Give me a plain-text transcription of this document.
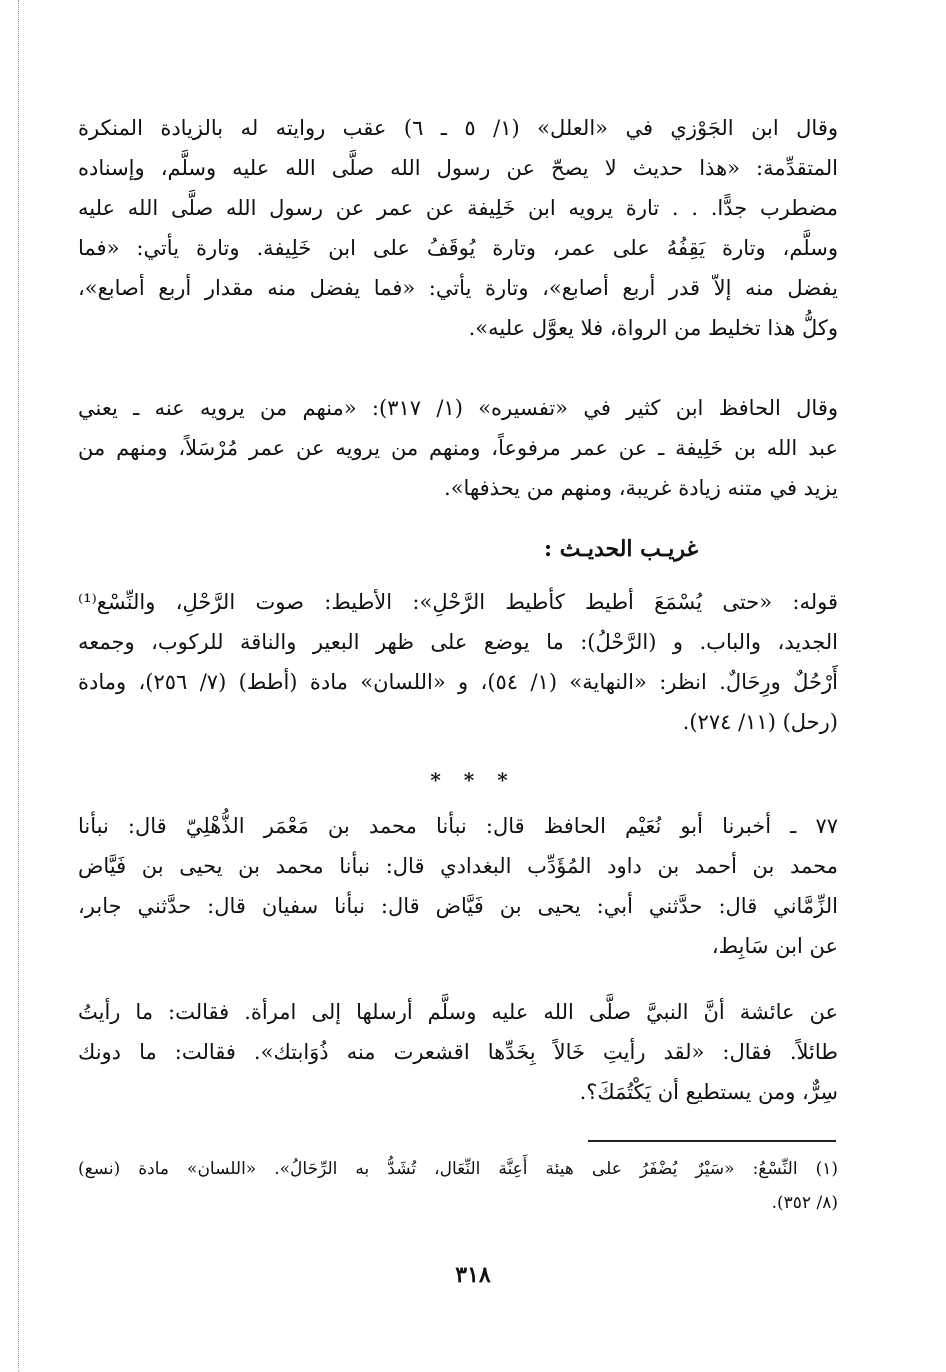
وقال ابن الجَوْزي في «العلل» (١/ ٥ ـ ٦) عقب روايته له بالزيادة المنكرة
المتقدِّمة: «هذا حديث لا يصحّ عن رسول الله صلَّى الله عليه وسلَّم، وإسناده
مضطرب جدًّا. . . تارة يرويه ابن خَلِيفة عن عمر عن رسول الله صلَّى الله عليه
وسلَّم، وتارة يَقِفُهُ على عمر، وتارة يُوقَفُ على ابن خَلِيفة. وتارة يأتي: «فما
يفضل منه إلاّ قدر أربع أصابع»، وتارة يأتي: «فما يفضل منه مقدار أربع أصابع»،
وكلُّ هذا تخليط من الرواة، فلا يعوَّل عليه».

وقال الحافظ ابن كثير في «تفسيره» (١/ ٣١٧): «منهم من يرويه عنه ـ يعني
عبد الله بن خَلِيفة ـ عن عمر مرفوعاً، ومنهم من يرويه عن عمر مُرْسَلاً، ومنهم من
يزيد في متنه زيادة غريبة، ومنهم من يحذفها».

غريـب الحديـث :

قوله: «حتى يُسْمَعَ أطيط كأطيط الرَّحْلِ»: الأطيط: صوت الرَّحْلِ، والنِّسْع⁽¹⁾
الجديد، والباب. و (الرَّحْلُ): ما يوضع على ظهر البعير والناقة للركوب، وجمعه
أَرْحُلٌ ورِحَالٌ. انظر: «النهاية» (١/ ٥٤)، و «اللسان» مادة (أطط) (٧/ ٢٥٦)، ومادة
(رحل) (١١/ ٢٧٤).

* * *

٧٧ ـ أخبرنا أبو نُعَيْم الحافظ قال: نبأنا محمد بن مَعْمَر الذُّهْلِيّ قال: نبأنا
محمد بن أحمد بن داود المُؤَدِّب البغدادي قال: نبأنا محمد بن يحيى بن فَيَّاض
الزِّمَّاني قال: حدَّثني أبي: يحيى بن فَيَّاض قال: نبأنا سفيان قال: حدَّثني جابر،
عن ابن سَابِط،

عن عائشة أنَّ النبيَّ صلَّى الله عليه وسلَّم أرسلها إلى امرأة. فقالت: ما رأيتُ
طائلاً. فقال: «لقد رأيتِ خَالاً بِخَدِّها اقشعرت منه ذُوَابتك». فقالت: ما دونك
سِرٌّ، ومن يستطيع أن يَكْتُمَكَ؟.

(١) النِّسْعُ: «سَيْرٌ يُضْفَرُ على هيئة أَعِنَّة النِّعَال، تُشَدُّ به الرِّحَالُ». «اللسان» مادة (نسع)
(٨/ ٣٥٢).
٣١٨
